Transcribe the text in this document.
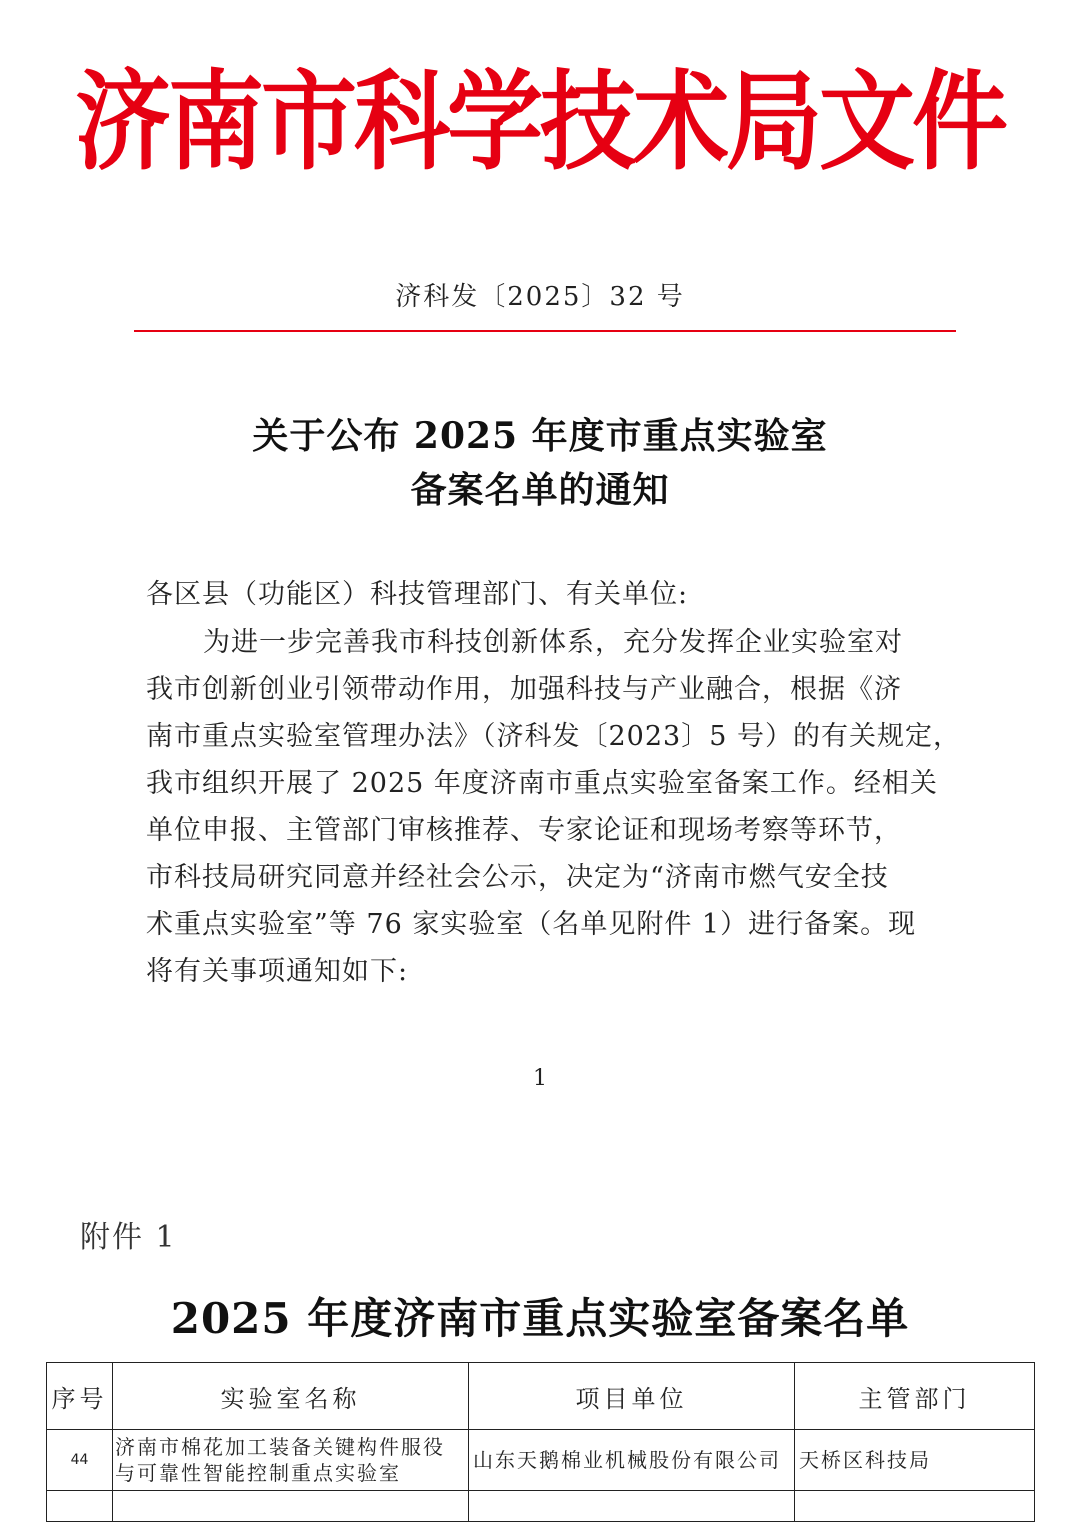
济南市科学技术局文件
济科发〔2025〕32 号
关于公布 2025 年度市重点实验室
备案名单的通知
各区县（功能区）科技管理部门、有关单位:
为进一步完善我市科技创新体系，充分发挥企业实验室对
我市创新创业引领带动作用，加强科技与产业融合，根据《济
南市重点实验室管理办法》（济科发〔2023〕5 号）的有关规定，
我市组织开展了 2025 年度济南市重点实验室备案工作。经相关
单位申报、主管部门审核推荐、专家论证和现场考察等环节，
市科技局研究同意并经社会公示，决定为“济南市燃气安全技
术重点实验室”等 76 家实验室（名单见附件 1）进行备案。现
将有关事项通知如下:
1
附件 1
2025 年度济南市重点实验室备案名单
序号	实验室名称	项目单位	主管部门
44	济南市棉花加工装备关键构件服役
与可靠性智能控制重点实验室	山东天鹅棉业机械股份有限公司	天桥区科技局
